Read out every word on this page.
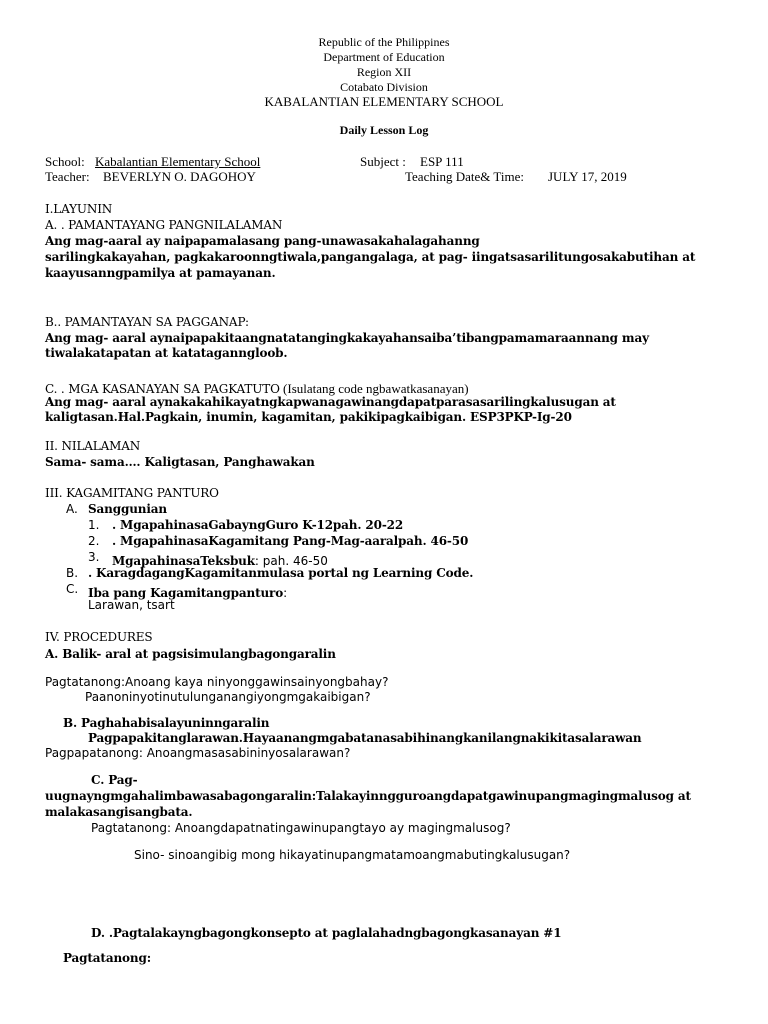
Republic of the Philippines
Department of Education
Region XII
Cotabato Division
KABALANTIAN ELEMENTARY SCHOOL
Daily Lesson Log
School: Kabalantian Elementary School	Subject : ESP 111
Teacher: BEVERLYN O. DAGOHOY	Teaching Date& Time: JULY 17, 2019
I.LAYUNIN
A. . PAMANTAYANG PANGNILALAMAN
Ang mag-aaral ay naipapamalasang pang-unawasakahalagahanng
sarilingkakayahan, pagkakaroonngtiwala,pangangalaga, at pag- iingatsasarilitungosakabutihan at
kaayusanngpamilya at pamayanan.
B.. PAMANTAYAN SA PAGGANAP:
Ang mag- aaral aynaipapakitaangnatatangingkakayahansaiba’tibangpamamaraannang may
tiwalakatapatan at katataganngloob.
C. . MGA KASANAYAN SA PAGKATUTO (Isulatang code ngbawatkasanayan)
Ang mag- aaral aynakakahikayatngkapwanagawinangdapatparasasarilingkalusugan at
kaligtasan.Hal.Pagkain, inumin, kagamitan, pakikipagkaibigan. ESP3PKP-Ig-20
II. NILALAMAN
Sama- sama…. Kaligtasan, Panghawakan
III. KAGAMITANG PANTURO
A. Sanggunian
1. . MgapahinasaGabayngGuro K-12pah. 20-22
2. . MgapahinasaKagamitang Pang-Mag-aaralpah. 46-50
3. MgapahinasaTeksbuk: pah. 46-50
B. . KaragdagangKagamitanmulasa portal ng Learning Code.
C. Iba pang Kagamitangpanturo:
Larawan, tsart
IV. PROCEDURES
A. Balik- aral at pagsisimulangbagongaralin
Pagtatanong:Anoang kaya ninyonggawinsainyongbahay?
Paanoninyotinutulunganangiyongmgakaibigan?
B. Paghahabisalayuninngaralin
Pagpapakitanglarawan.Hayaanangmgabatanasabihinangkanilangnakikitasalarawan
Pagpapatanong: Anoangmasasabininyosalarawan?
C. Pag-
uugnayngmgahalimbawasabagongaralin:Talakayinngguroangdapatgawinupangmagingmalusog at
malakasangisangbata.
Pagtatanong: Anoangdapatnatingawinupangtayo ay magingmalusog?
Sino- sinoangibig mong hikayatinupangmatamoangmabutingkalusugan?
D. .Pagtalakayngbagongkonsepto at paglalahadngbagongkasanayan #1
Pagtatanong:
